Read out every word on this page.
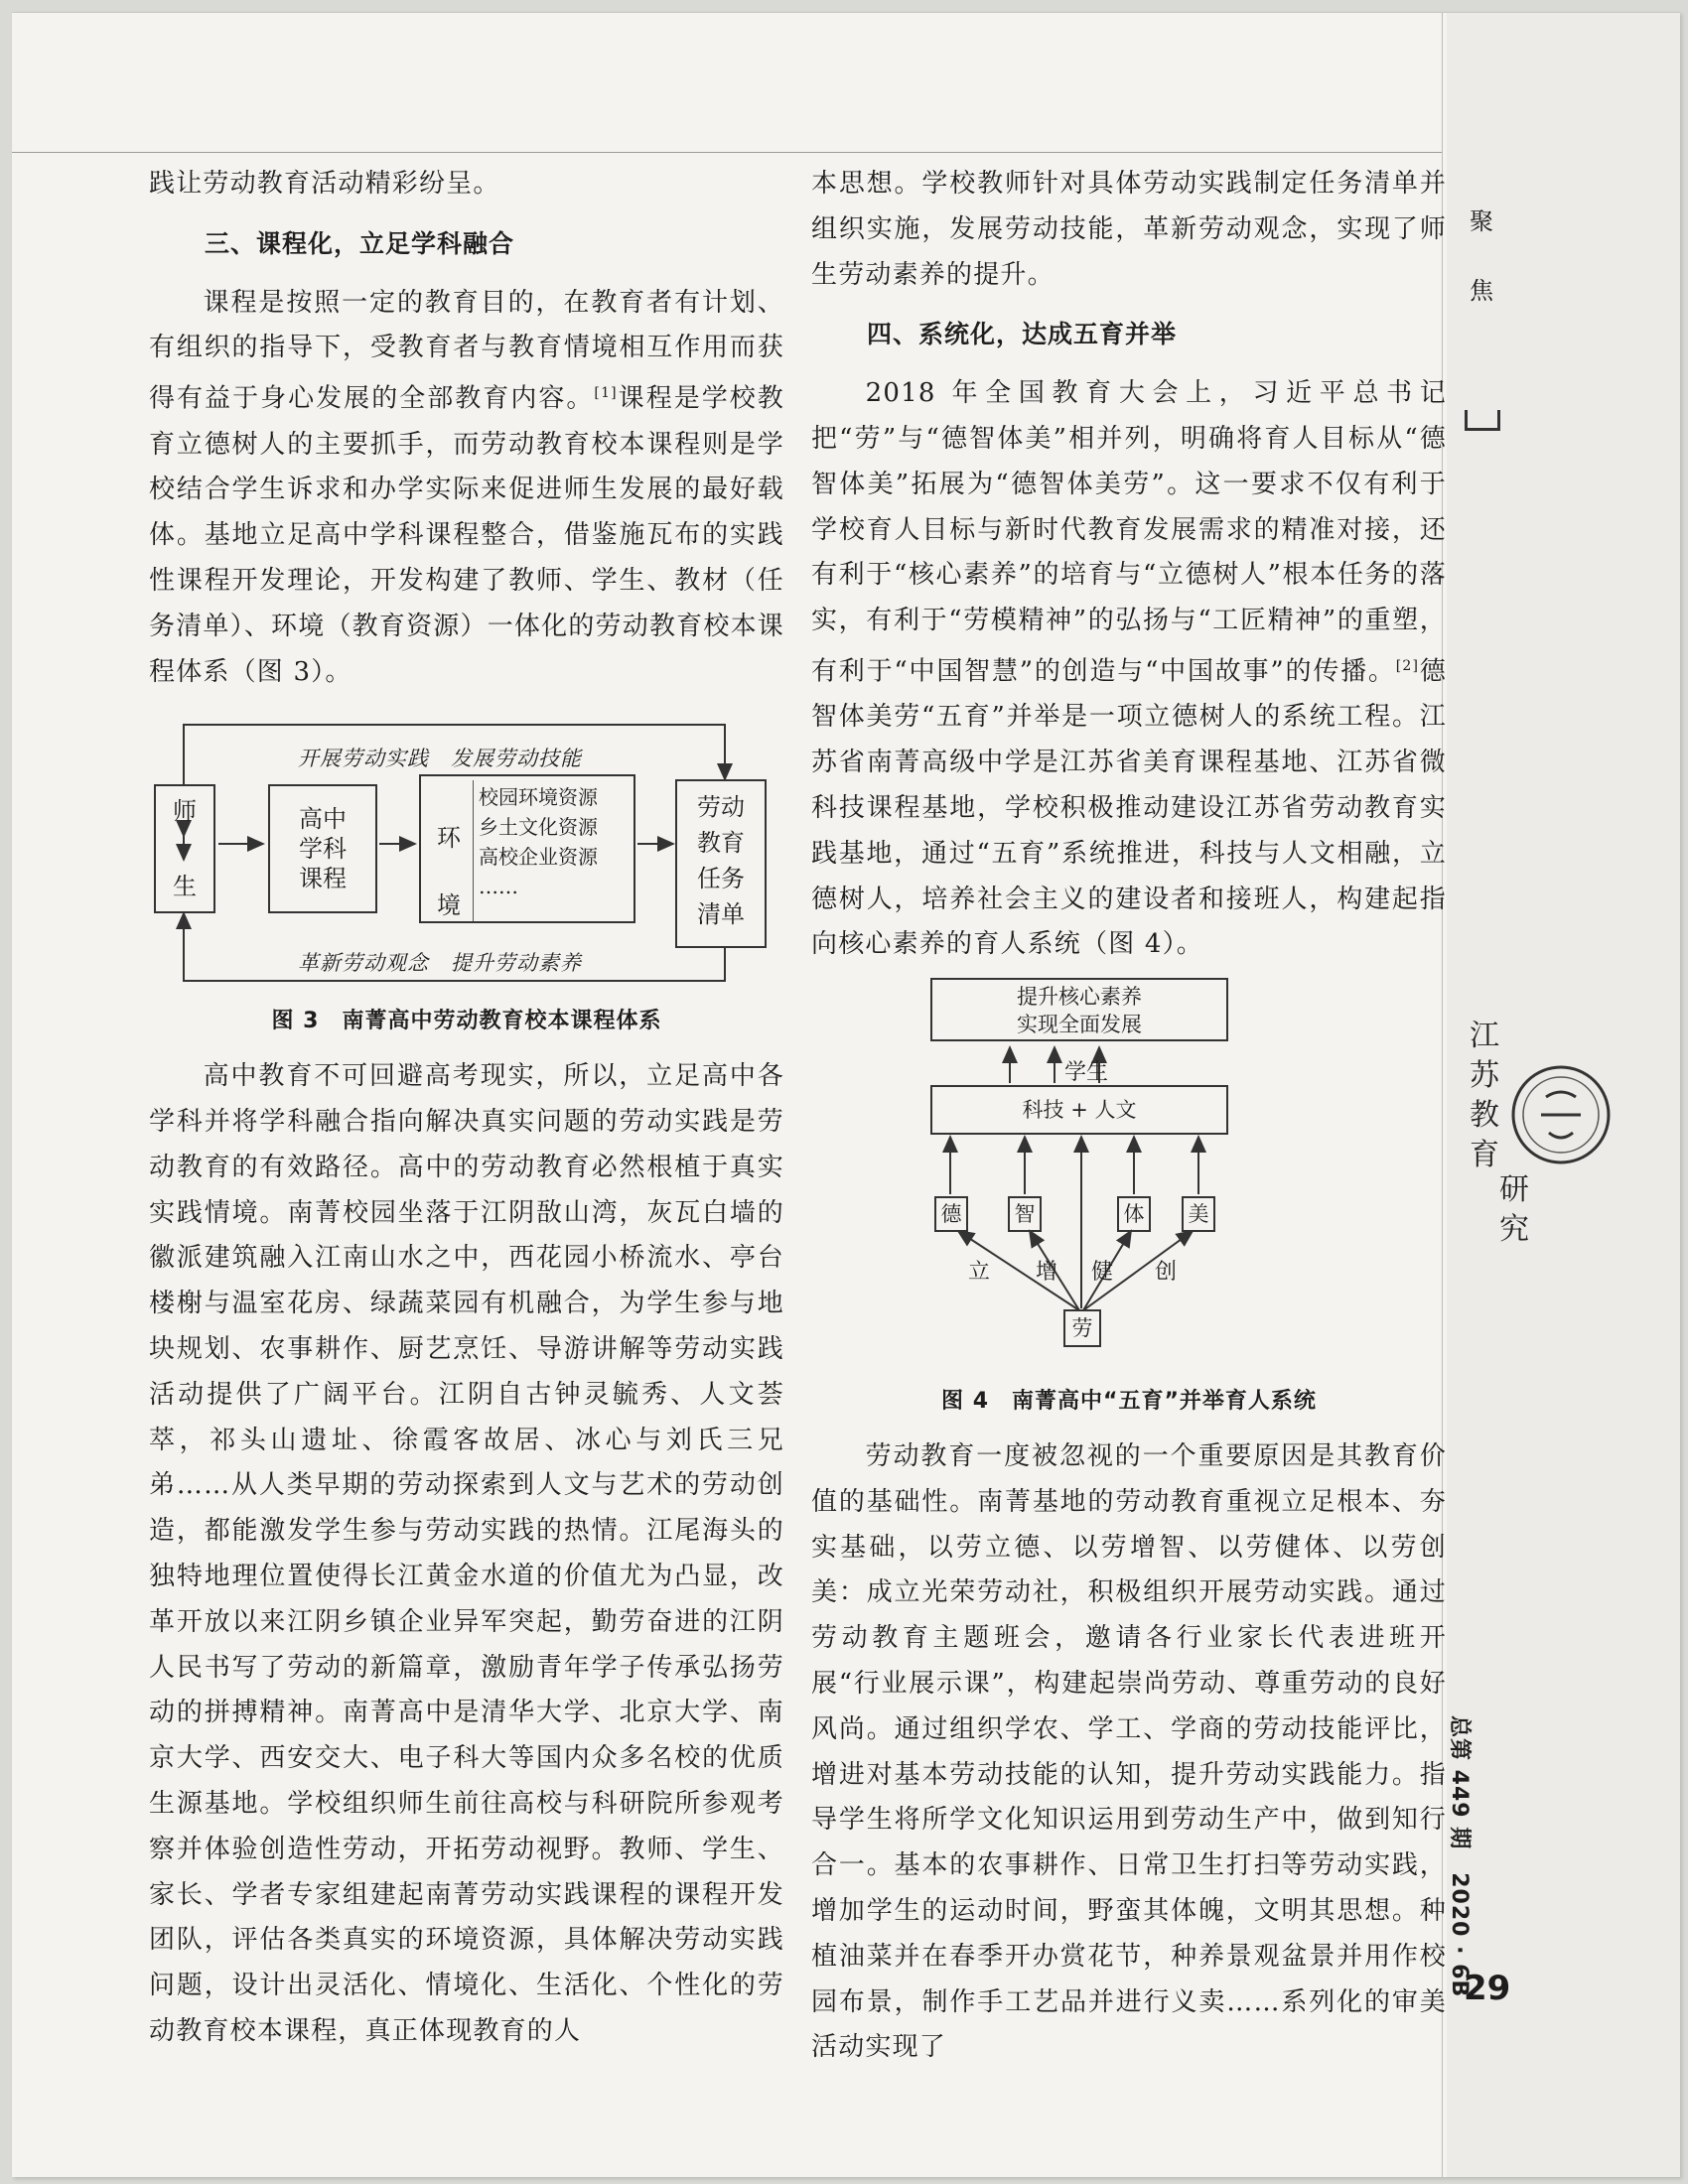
践让劳动教育活动精彩纷呈。

三、课程化，立足学科融合

课程是按照一定的教育目的，在教育者有计划、有组织的指导下，受教育者与教育情境相互作用而获得有益于身心发展的全部教育内容。[1]课程是学校教育立德树人的主要抓手，而劳动教育校本课程则是学校结合学生诉求和办学实际来促进师生发展的最好载体。基地立足高中学科课程整合，借鉴施瓦布的实践性课程开发理论，开发构建了教师、学生、教材（任务清单）、环境（教育资源）一体化的劳动教育校本课程体系（图 3）。

开展劳动实践　发展劳动技能
师
生
高中
学科
课程
环
境
校园环境资源
乡土文化资源
高校企业资源
……
劳动
教育
任务
清单
革新劳动观念　提升劳动素养
图 3　南菁高中劳动教育校本课程体系

高中教育不可回避高考现实，所以，立足高中各学科并将学科融合指向解决真实问题的劳动实践是劳动教育的有效路径。高中的劳动教育必然根植于真实实践情境。南菁校园坐落于江阴敔山湾，灰瓦白墙的徽派建筑融入江南山水之中，西花园小桥流水、亭台楼榭与温室花房、绿蔬菜园有机融合，为学生参与地块规划、农事耕作、厨艺烹饪、导游讲解等劳动实践活动提供了广阔平台。江阴自古钟灵毓秀、人文荟萃，祁头山遗址、徐霞客故居、冰心与刘氏三兄弟……从人类早期的劳动探索到人文与艺术的劳动创造，都能激发学生参与劳动实践的热情。江尾海头的独特地理位置使得长江黄金水道的价值尤为凸显，改革开放以来江阴乡镇企业异军突起，勤劳奋进的江阴人民书写了劳动的新篇章，激励青年学子传承弘扬劳动的拼搏精神。南菁高中是清华大学、北京大学、南京大学、西安交大、电子科大等国内众多名校的优质生源基地。学校组织师生前往高校与科研院所参观考察并体验创造性劳动，开拓劳动视野。教师、学生、家长、学者专家组建起南菁劳动实践课程的课程开发团队，评估各类真实的环境资源，具体解决劳动实践问题，设计出灵活化、情境化、生活化、个性化的劳动教育校本课程，真正体现教育的人

本思想。学校教师针对具体劳动实践制定任务清单并组织实施，发展劳动技能，革新劳动观念，实现了师生劳动素养的提升。

四、系统化，达成五育并举

2018 年全国教育大会上，习近平总书记把“劳”与“德智体美”相并列，明确将育人目标从“德智体美”拓展为“德智体美劳”。这一要求不仅有利于学校育人目标与新时代教育发展需求的精准对接，还有利于“核心素养”的培育与“立德树人”根本任务的落实，有利于“劳模精神”的弘扬与“工匠精神”的重塑，有利于“中国智慧”的创造与“中国故事”的传播。[2]德智体美劳“五育”并举是一项立德树人的系统工程。江苏省南菁高级中学是江苏省美育课程基地、江苏省微科技课程基地，学校积极推动建设江苏省劳动教育实践基地，通过“五育”系统推进，科技与人文相融，立德树人，培养社会主义的建设者和接班人，构建起指向核心素养的育人系统（图 4）。

提升核心素养
实现全面发展
学生
科技 + 人文
德	智	体	美
立 增 健 创
劳
图 4　南菁高中“五育”并举育人系统

劳动教育一度被忽视的一个重要原因是其教育价值的基础性。南菁基地的劳动教育重视立足根本、夯实基础，以劳立德、以劳增智、以劳健体、以劳创美：成立光荣劳动社，积极组织开展劳动实践。通过劳动教育主题班会，邀请各行业家长代表进班开展“行业展示课”，构建起崇尚劳动、尊重劳动的良好风尚。通过组织学农、学工、学商的劳动技能评比，增进对基本劳动技能的认知，提升劳动实践能力。指导学生将所学文化知识运用到劳动生产中，做到知行合一。基本的农事耕作、日常卫生打扫等劳动实践，增加学生的运动时间，野蛮其体魄，文明其思想。种植油菜并在春季开办赏花节，种养景观盆景并用作校园布景，制作手工艺品并进行义卖……系列化的审美活动实现了

聚
焦
江
苏
教
育
研
究
总第 449 期　2020 · 6B
29
